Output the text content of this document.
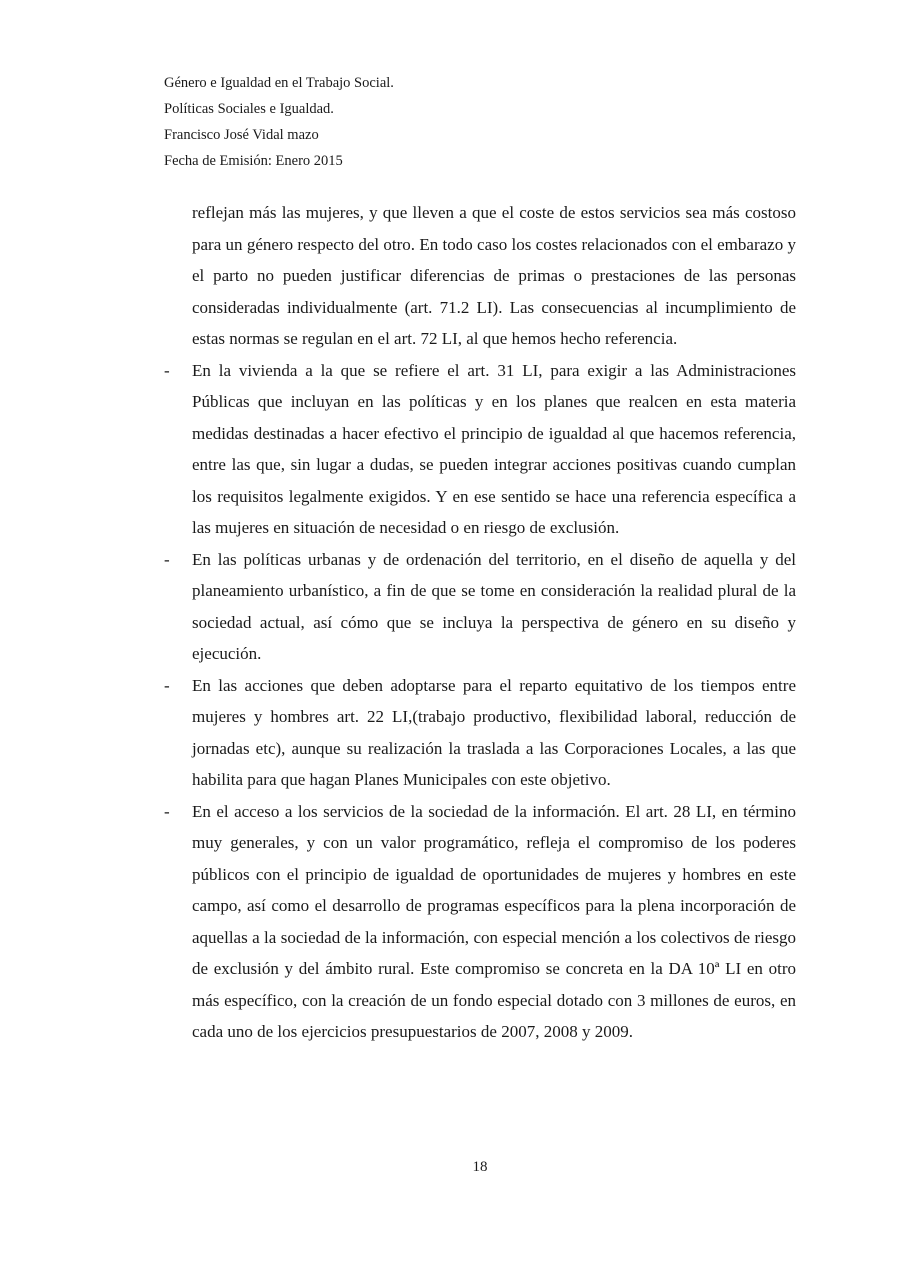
Género e Igualdad en el Trabajo Social.
Políticas Sociales e Igualdad.
Francisco José Vidal mazo
Fecha de Emisión: Enero 2015
reflejan más las mujeres, y que lleven a que el coste de estos servicios sea más costoso para un género respecto del otro. En todo caso los costes relacionados con el embarazo y el parto no pueden justificar diferencias de primas o prestaciones de las personas consideradas individualmente (art. 71.2 LI). Las consecuencias al incumplimiento de estas normas se regulan en el art. 72 LI, al que hemos hecho referencia.
-	En la vivienda a la que se refiere el art. 31 LI, para exigir a las Administraciones Públicas que incluyan en las políticas y en los planes que realcen en esta materia medidas destinadas a hacer efectivo el principio de igualdad al que hacemos referencia, entre las que, sin lugar a dudas, se pueden integrar acciones positivas cuando cumplan los requisitos legalmente exigidos. Y en ese sentido se hace una referencia específica a las mujeres en situación de necesidad o en riesgo de exclusión.
-	En las políticas urbanas y de ordenación del territorio, en el diseño de aquella y del planeamiento urbanístico, a fin de que se tome en consideración la realidad plural de la sociedad actual, así cómo que se incluya la perspectiva de género en su diseño y ejecución.
-	En las acciones que deben adoptarse para el reparto equitativo de los tiempos entre mujeres y hombres art. 22 LI,(trabajo productivo, flexibilidad laboral, reducción de jornadas etc), aunque su realización la traslada a las Corporaciones Locales, a las que habilita para que hagan Planes Municipales con este objetivo.
-	En el acceso a los servicios de la sociedad de la información. El art. 28 LI, en término muy generales, y con un valor programático, refleja el compromiso de los poderes públicos con el principio de igualdad de oportunidades de mujeres y hombres en este campo, así como el desarrollo de programas específicos para la plena incorporación de aquellas a la sociedad de la información, con especial mención a los colectivos de riesgo de exclusión y del ámbito rural. Este compromiso se concreta en la DA 10ª LI en otro más específico, con la creación de un fondo especial dotado con 3 millones de euros, en cada uno de los ejercicios presupuestarios de 2007, 2008 y 2009.
18
